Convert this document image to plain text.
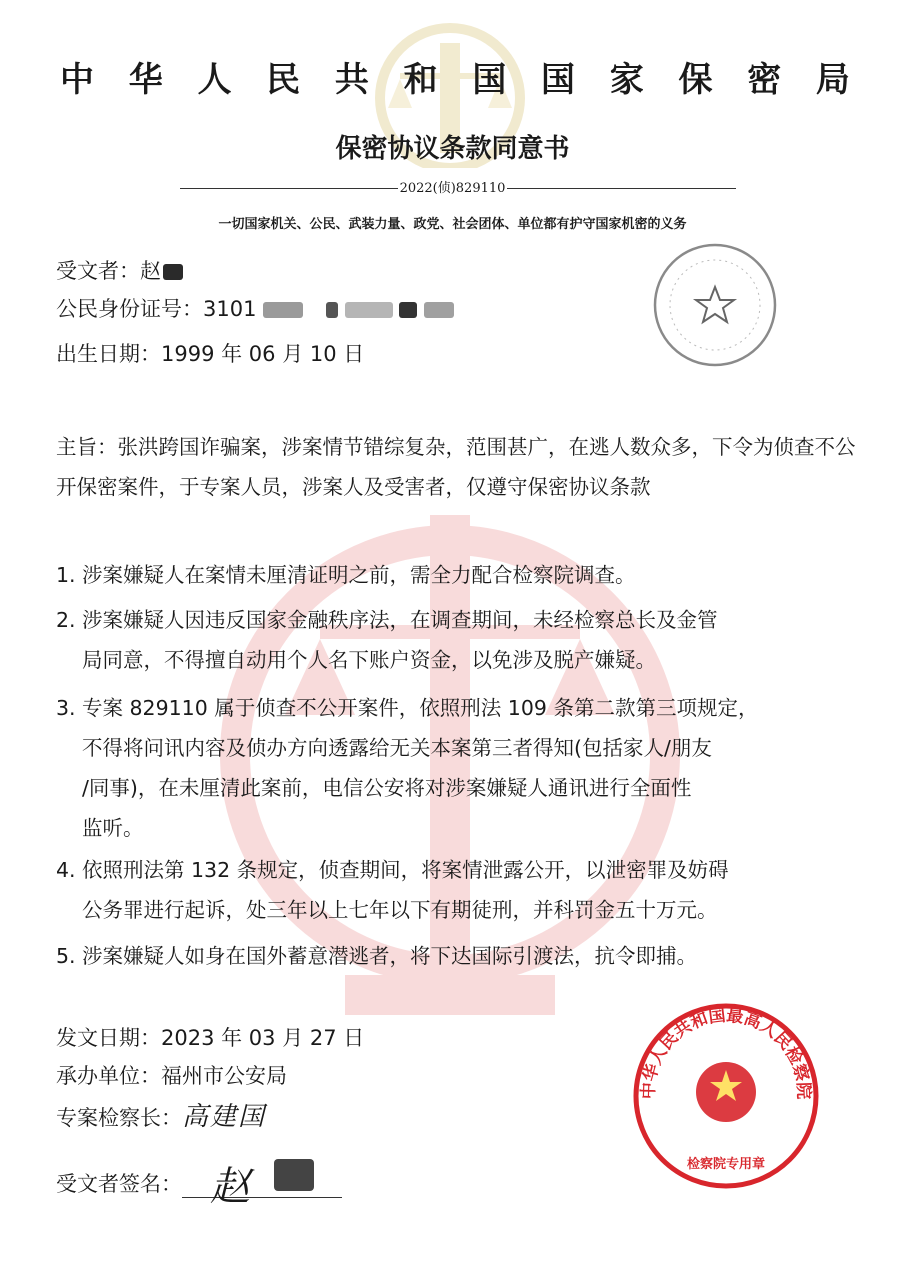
中 华 人 民 共 和 国 国 家 保 密 局
保密协议条款同意书
2022(侦)829110
一切国家机关、公民、武装力量、政党、社会团体、单位都有护守国家机密的义务
受文者：赵
公民身份证号：3101
出生日期：1999 年 06 月 10 日
主旨：张洪跨国诈骗案，涉案情节错综复杂，范围甚广，在逃人数众多，下令为侦查不公开保密案件，于专案人员，涉案人及受害者，仅遵守保密协议条款
1. 涉案嫌疑人在案情未厘清证明之前，需全力配合检察院调查。
2. 涉案嫌疑人因违反国家金融秩序法，在调查期间，未经检察总长及金管
局同意，不得擅自动用个人名下账户资金，以免涉及脱产嫌疑。
3. 专案 829110 属于侦查不公开案件，依照刑法 109 条第二款第三项规定，
不得将问讯内容及侦办方向透露给无关本案第三者得知(包括家人/朋友
/同事)，在未厘清此案前，电信公安将对涉案嫌疑人通讯进行全面性
监听。
4. 依照刑法第 132 条规定，侦查期间，将案情泄露公开，以泄密罪及妨碍
公务罪进行起诉，处三年以上七年以下有期徒刑，并科罚金五十万元。
5. 涉案嫌疑人如身在国外蓄意潜逃者，将下达国际引渡法，抗令即捕。
发文日期：2023 年 03 月 27 日
承办单位：福州市公安局
专案检察长：高建国
受文者签名： 赵
中华人民共和国最高人民检察院
检察院专用章
